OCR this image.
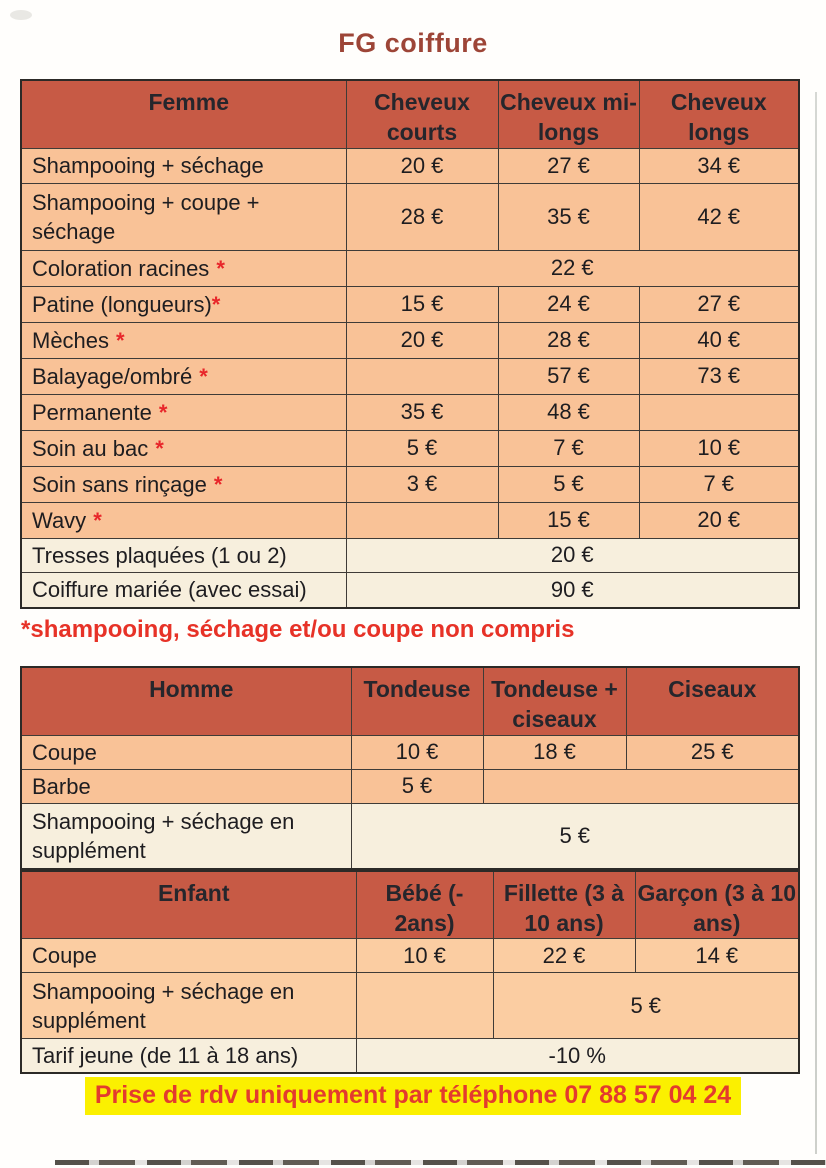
FG coiffure
Femme	Cheveux courts	Cheveux mi-longs	Cheveux longs
Shampooing + séchage	20 €	27 €	34 €
Shampooing + coupe + séchage	28 €	35 €	42 €
Coloration racines *	22 €		
Patine (longueurs)*	15 €	24 €	27 €
Mèches *	20 €	28 €	40 €
Balayage/ombré *		57 €	73 €
Permanente *	35 €	48 €	
Soin au bac *	5 €	7 €	10 €
Soin sans rinçage *	3 €	5 €	7 €
Wavy *		15 €	20 €
Tresses plaquées (1 ou 2)	20 €		
Coiffure mariée (avec essai)	90 €		
*shampooing, séchage et/ou coupe non compris
Homme	Tondeuse	Tondeuse + ciseaux	Ciseaux
Coupe	10 €	18 €	25 €
Barbe	5 €		
Shampooing + séchage en supplément	5 €		
Enfant	Bébé (- 2ans)	Fillette (3 à 10 ans)	Garçon (3 à 10 ans)
Coupe	10 €	22 €	14 €
Shampooing + séchage en supplément		5 €	
Tarif jeune (de 11 à 18 ans)	-10 %		
Prise de rdv uniquement par téléphone 07 88 57 04 24
